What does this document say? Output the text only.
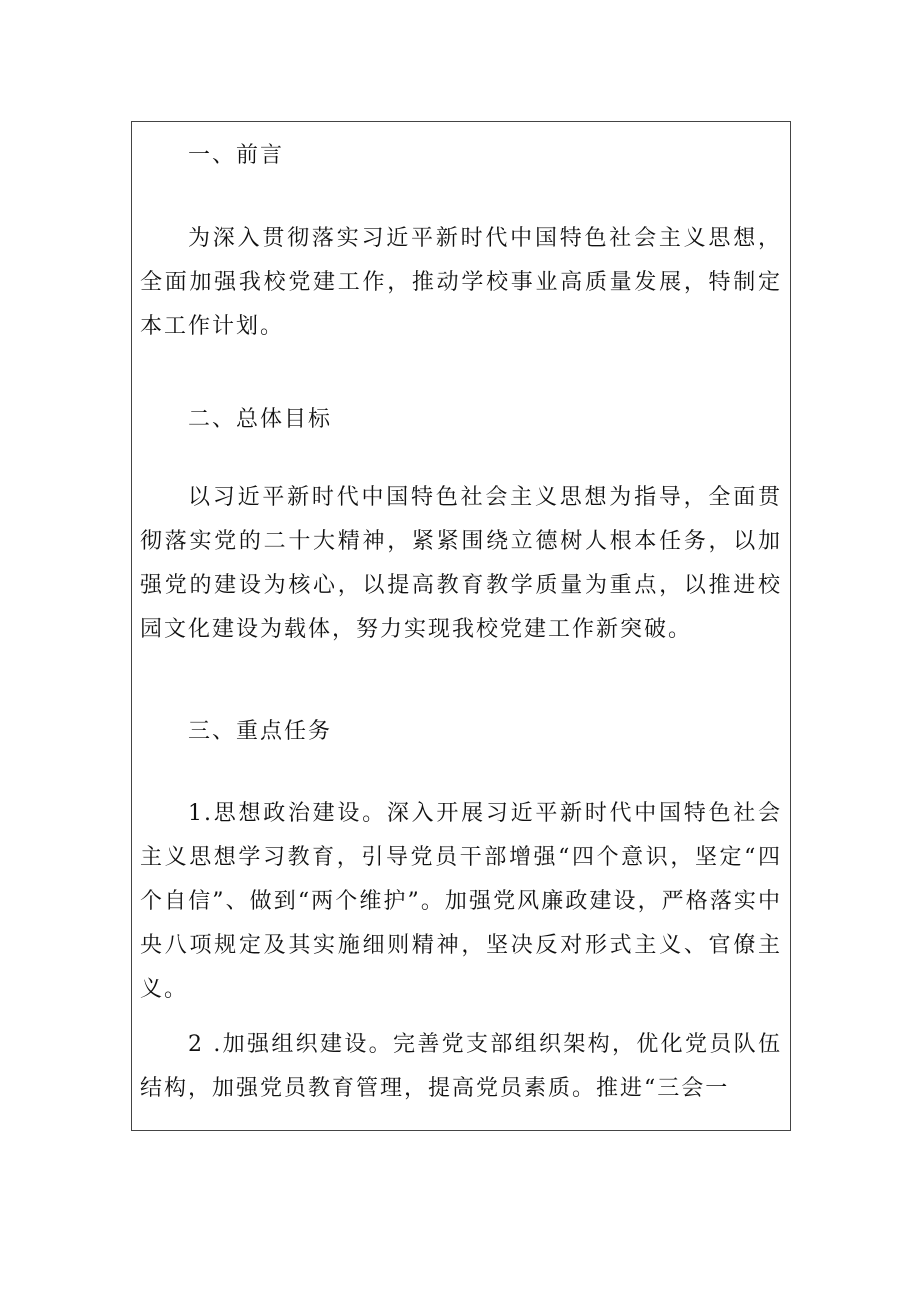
一、前言

为深入贯彻落实习近平新时代中国特色社会主义思想，全面加强我校党建工作，推动学校事业高质量发展，特制定本工作计划。

二、总体目标

以习近平新时代中国特色社会主义思想为指导，全面贯彻落实党的二十大精神，紧紧围绕立德树人根本任务，以加强党的建设为核心，以提高教育教学质量为重点，以推进校园文化建设为载体，努力实现我校党建工作新突破。

三、重点任务

1.思想政治建设。深入开展习近平新时代中国特色社会主义思想学习教育，引导党员干部增强“四个意识，坚定“四个自信”、做到“两个维护”。加强党风廉政建设，严格落实中央八项规定及其实施细则精神，坚决反对形式主义、官僚主义。

2 .加强组织建设。完善党支部组织架构，优化党员队伍结构，加强党员教育管理，提高党员素质。推进“三会一
